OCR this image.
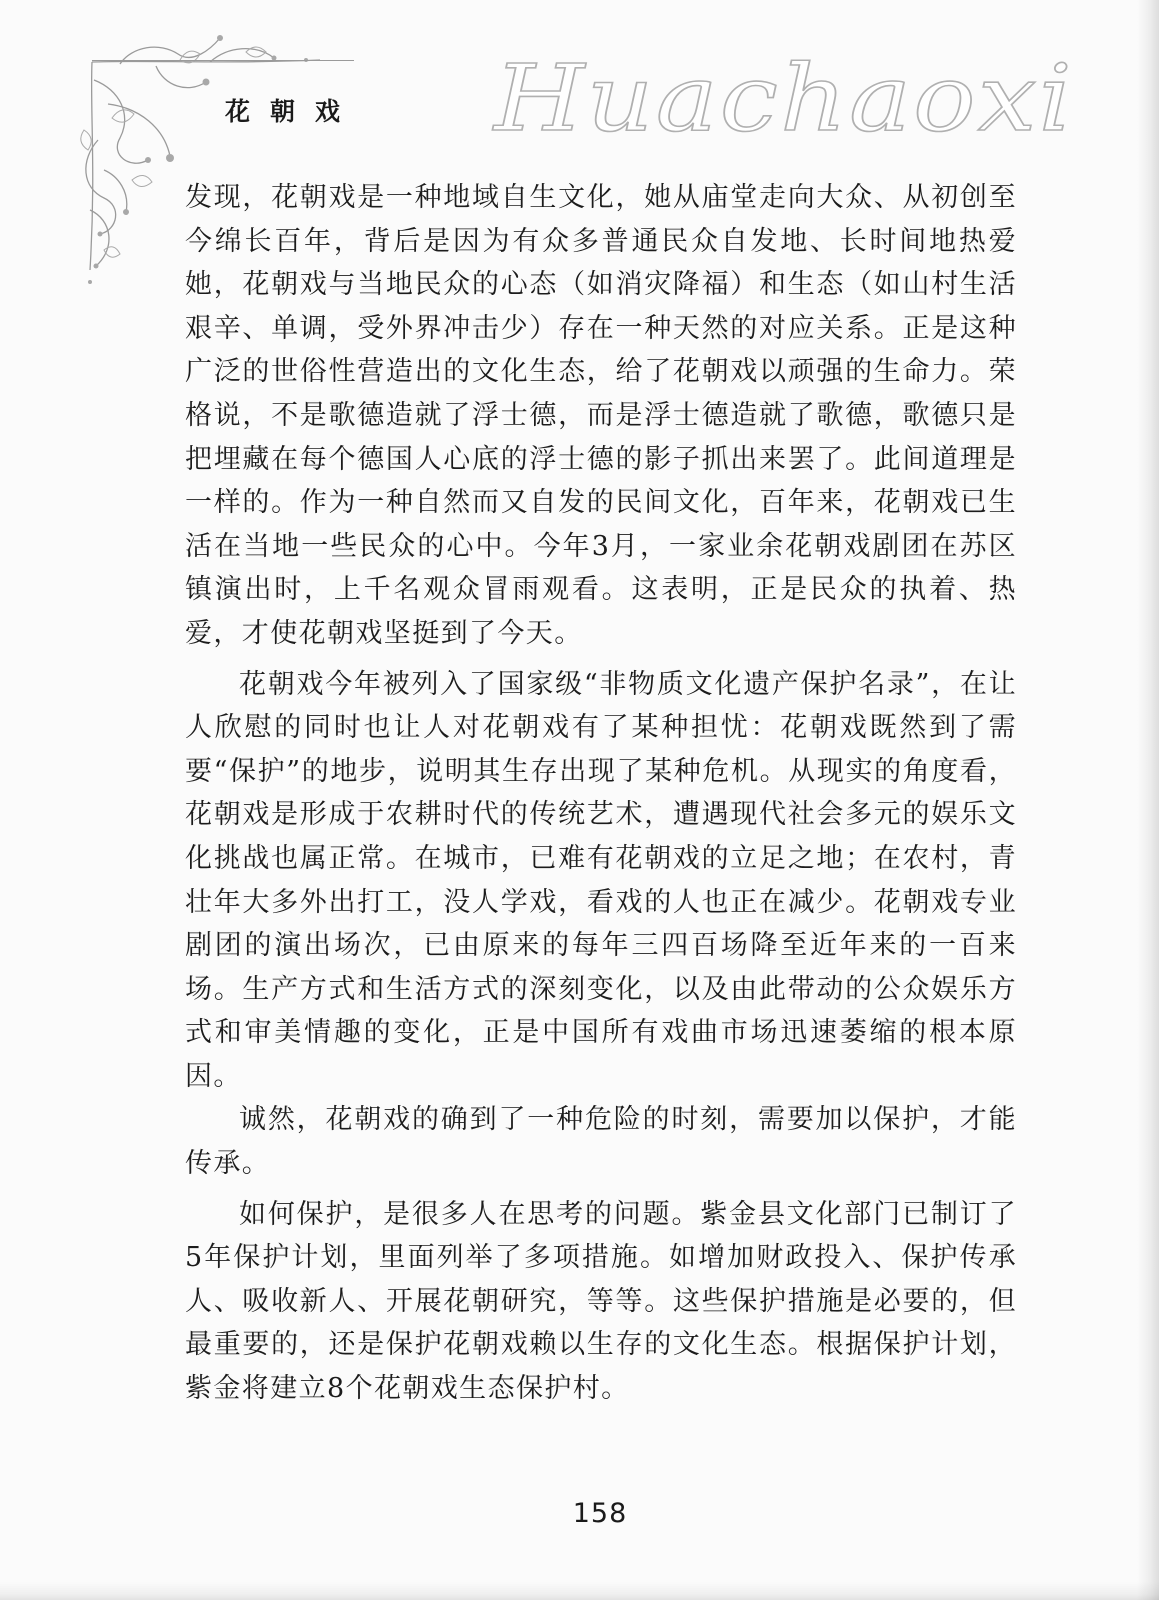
花朝戏 Huachaoxi

发现，花朝戏是一种地域自生文化，她从庙堂走向大众、从初创至今绵长百年，背后是因为有众多普通民众自发地、长时间地热爱她，花朝戏与当地民众的心态（如消灾降福）和生态（如山村生活艰辛、单调，受外界冲击少）存在一种天然的对应关系。正是这种广泛的世俗性营造出的文化生态，给了花朝戏以顽强的生命力。荣格说，不是歌德造就了浮士德，而是浮士德造就了歌德，歌德只是把埋藏在每个德国人心底的浮士德的影子抓出来罢了。此间道理是一样的。作为一种自然而又自发的民间文化，百年来，花朝戏已生活在当地一些民众的心中。今年3月，一家业余花朝戏剧团在苏区镇演出时，上千名观众冒雨观看。这表明，正是民众的执着、热爱，才使花朝戏坚挺到了今天。

花朝戏今年被列入了国家级“非物质文化遗产保护名录”，在让人欣慰的同时也让人对花朝戏有了某种担忧：花朝戏既然到了需要“保护”的地步，说明其生存出现了某种危机。从现实的角度看，花朝戏是形成于农耕时代的传统艺术，遭遇现代社会多元的娱乐文化挑战也属正常。在城市，已难有花朝戏的立足之地；在农村，青壮年大多外出打工，没人学戏，看戏的人也正在减少。花朝戏专业剧团的演出场次，已由原来的每年三四百场降至近年来的一百来场。生产方式和生活方式的深刻变化，以及由此带动的公众娱乐方式和审美情趣的变化，正是中国所有戏曲市场迅速萎缩的根本原因。

诚然，花朝戏的确到了一种危险的时刻，需要加以保护，才能传承。

如何保护，是很多人在思考的问题。紫金县文化部门已制订了5年保护计划，里面列举了多项措施。如增加财政投入、保护传承人、吸收新人、开展花朝研究，等等。这些保护措施是必要的，但最重要的，还是保护花朝戏赖以生存的文化生态。根据保护计划，紫金将建立8个花朝戏生态保护村。

158
